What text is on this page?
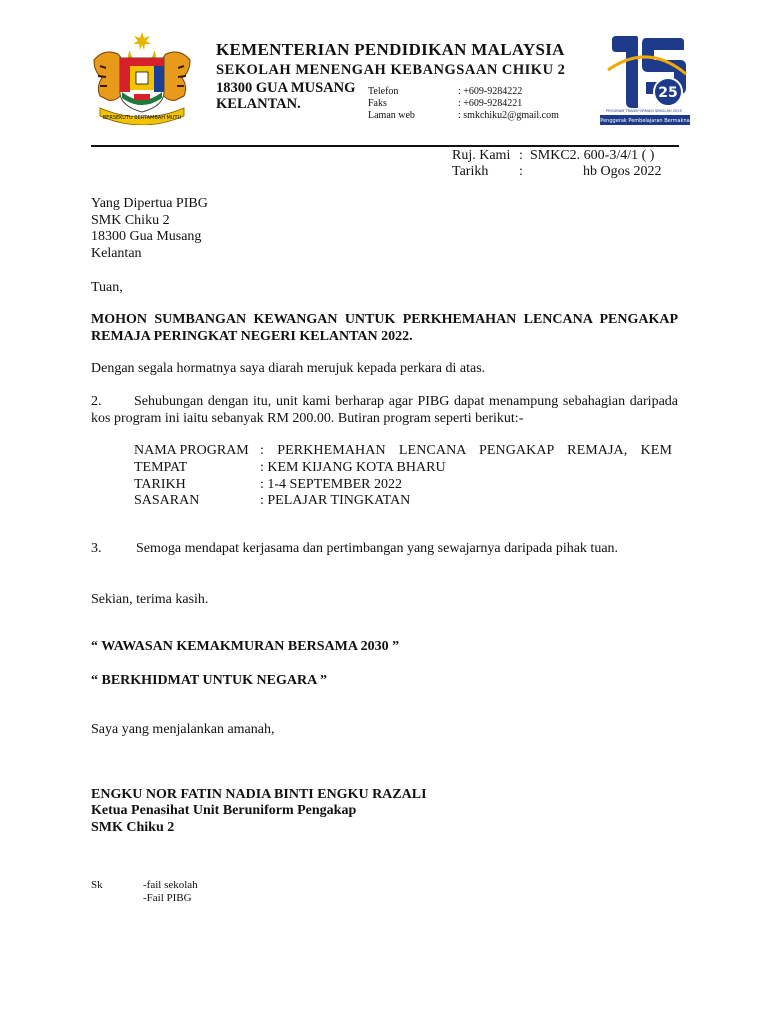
BERSEKUTU BERTAMBAH MUTU
25
PROGRAM TRANSFORMASI SEKOLAH 2025
Penggerak Pembelajaran Bermakna
KEMENTERIAN PENDIDIKAN MALAYSIA
SEKOLAH MENENGAH KEBANGSAAN CHIKU 2
18300 GUA MUSANG
KELANTAN.
Telefon	: +609-9284222
Faks	: +609-9284221
Laman web	: smkchiku2@gmail.com
Ruj. Kami : SMKC2. 600-3/4/1 ( )
Tarikh :	hb Ogos 2022
Yang Dipertua PIBG
SMK Chiku 2
18300 Gua Musang
Kelantan
Tuan,
MOHON SUMBANGAN KEWANGAN UNTUK PERKHEMAHAN LENCANA PENGAKAP REMAJA PERINGKAT NEGERI KELANTAN 2022.
Dengan segala hormatnya saya diarah merujuk kepada perkara di atas.
2. Sehubungan dengan itu, unit kami berharap agar PIBG dapat menampung sebahagian daripada kos program ini iaitu sebanyak RM 200.00. Butiran program seperti berikut:-
NAMA PROGRAM : PERKHEMAHAN LENCANA PENGAKAP REMAJA, KEM
TEMPAT	: KEM KIJANG KOTA BHARU
TARIKH	: 1-4 SEPTEMBER 2022
SASARAN	: PELAJAR TINGKATAN
3. Semoga mendapat kerjasama dan pertimbangan yang sewajarnya daripada pihak tuan.
Sekian, terima kasih.
“ WAWASAN KEMAKMURAN BERSAMA 2030 ”
“ BERKHIDMAT UNTUK NEGARA ”
Saya yang menjalankan amanah,
ENGKU NOR FATIN NADIA BINTI ENGKU RAZALI
Ketua Penasihat Unit Beruniform Pengakap
SMK Chiku 2
Sk	-fail sekolah
-Fail PIBG
